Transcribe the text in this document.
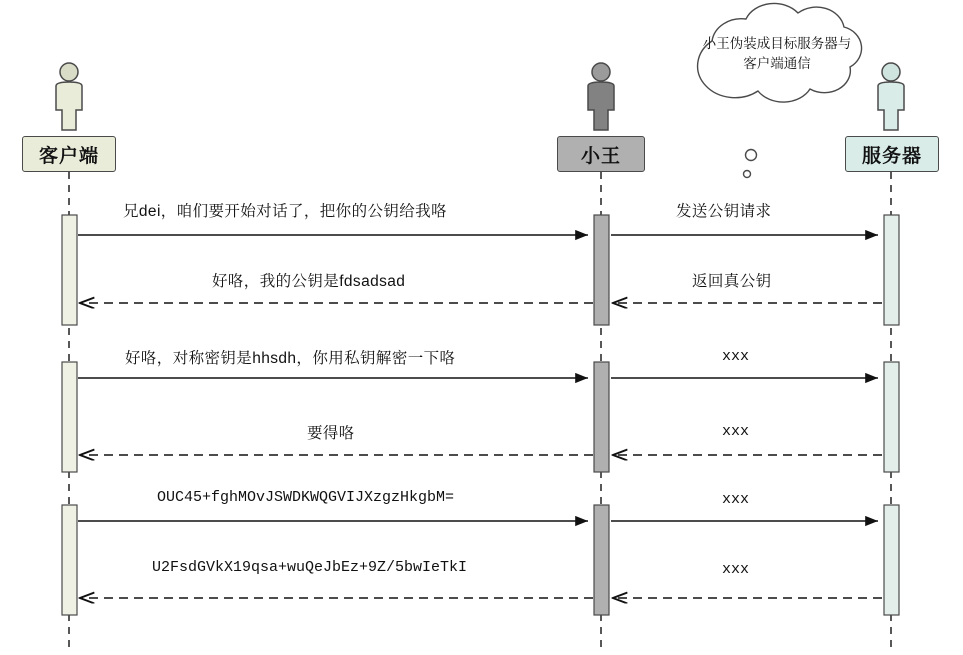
客户端	小王	服务器
小王伪装成目标服务器与客户端通信
兄dei，咱们要开始对话了，把你的公钥给我咯	发送公钥请求
好咯，我的公钥是fdsadsad	返回真公钥
好咯，对称密钥是hhsdh，你用私钥解密一下咯	xxx
要得咯	xxx
OUC45+fghMOvJSWDKWQGVIJXzgzHkgbM=	xxx
U2FsdGVkX19qsa+wuQeJbEz+9Z/5bwIeTkI	xxx
